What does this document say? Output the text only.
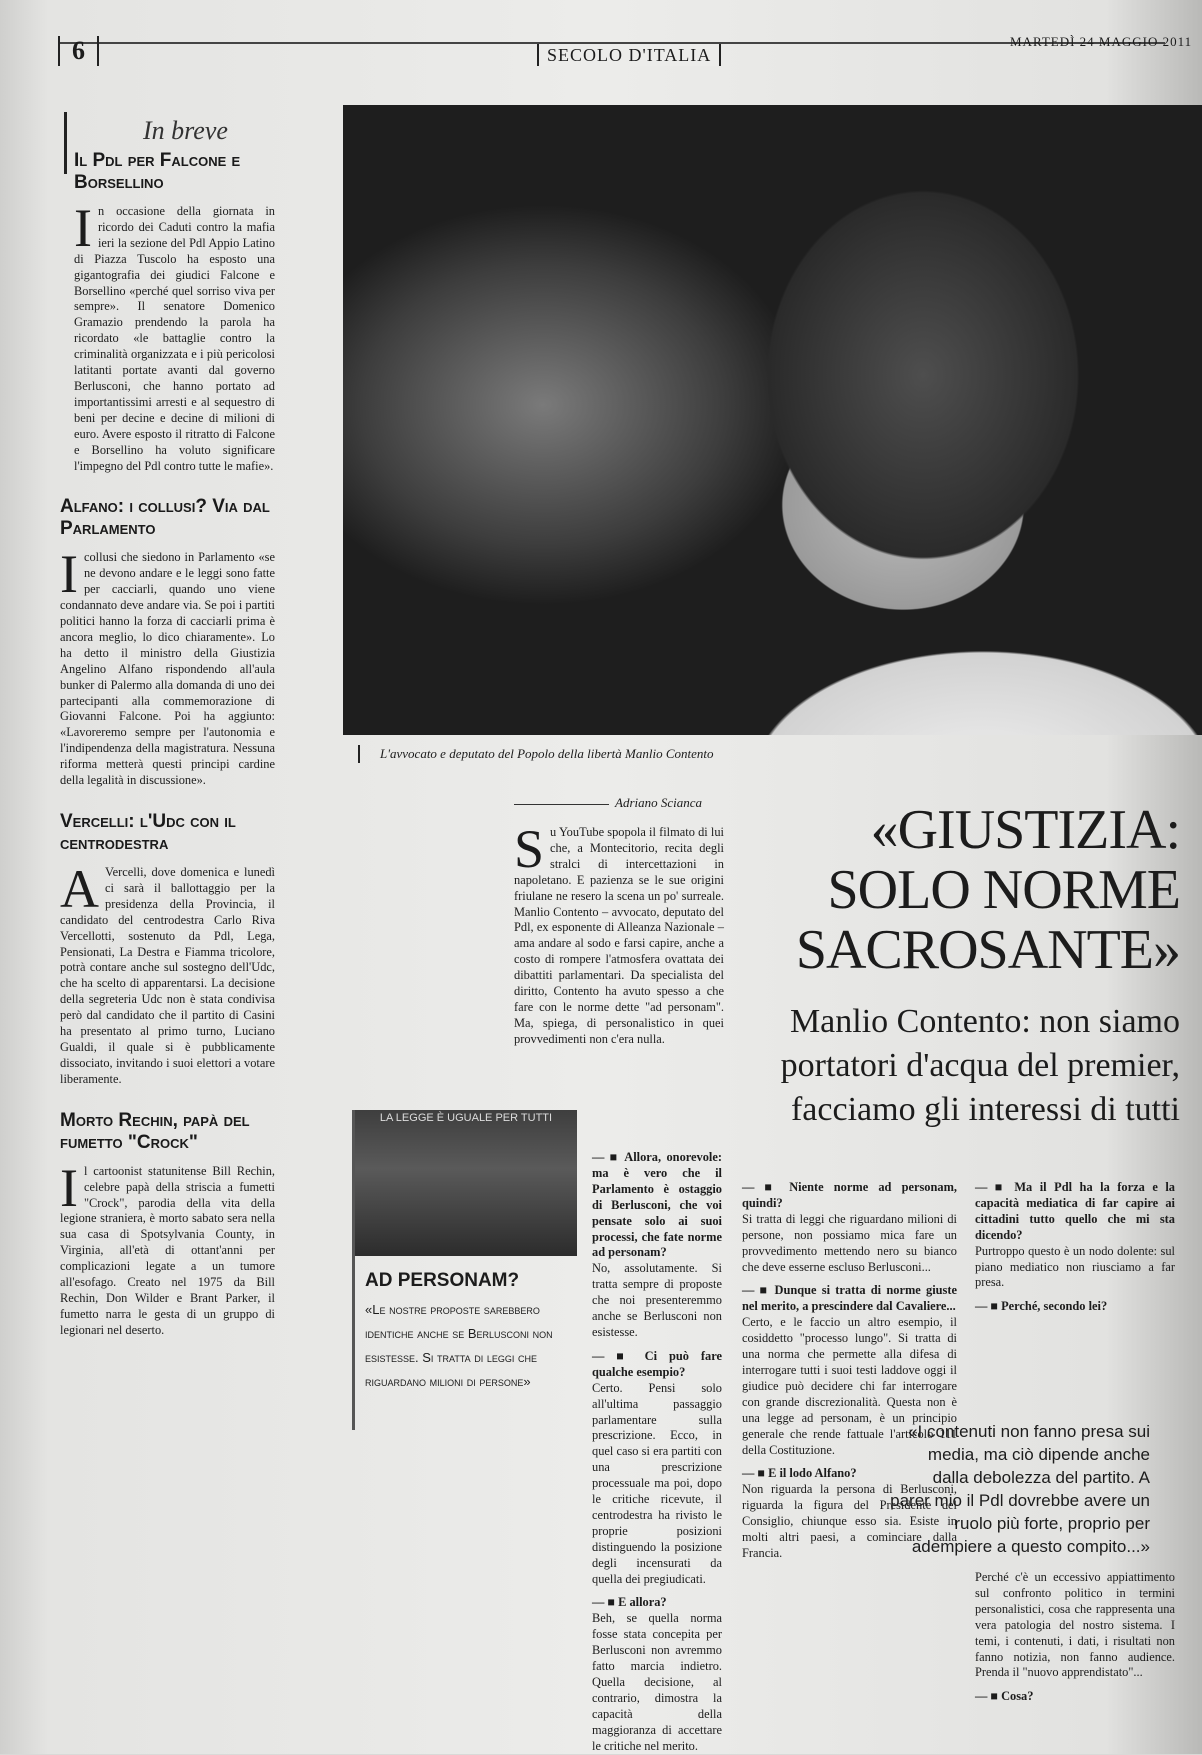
6	SECOLO D'ITALIA
MARTEDÌ 24 MAGGIO 2011
In breve
Il Pdl per Falcone e Borsellino

In occasione della giornata in ricordo dei Caduti contro la mafia ieri la sezione del Pdl Appio Latino di Piazza Tuscolo ha esposto una gigantografia dei giudici Falcone e Borsellino «perché quel sorriso viva per sempre». Il senatore Domenico Gramazio prendendo la parola ha ricordato «le battaglie contro la criminalità organizzata e i più pericolosi latitanti portate avanti dal governo Berlusconi, che hanno portato ad importantissimi arresti e al sequestro di beni per decine e decine di milioni di euro. Avere esposto il ritratto di Falcone e Borsellino ha voluto significare l'impegno del Pdl contro tutte le mafie».

Alfano: i collusi? Via dal Parlamento

I collusi che siedono in Parlamento «se ne devono andare e le leggi sono fatte per cacciarli, quando uno viene condannato deve andare via. Se poi i partiti politici hanno la forza di cacciarli prima è ancora meglio, lo dico chiaramente». Lo ha detto il ministro della Giustizia Angelino Alfano rispondendo all'aula bunker di Palermo alla domanda di uno dei partecipanti alla commemorazione di Giovanni Falcone. Poi ha aggiunto: «Lavoreremo sempre per l'autonomia e l'indipendenza della magistratura. Nessuna riforma metterà questi principi cardine della legalità in discussione».

Vercelli: l'Udc con il centrodestra

A Vercelli, dove domenica e lunedì ci sarà il ballottaggio per la presidenza della Provincia, il candidato del centrodestra Carlo Riva Vercellotti, sostenuto da Pdl, Lega, Pensionati, La Destra e Fiamma tricolore, potrà contare anche sul sostegno dell'Udc, che ha scelto di apparentarsi. La decisione della segreteria Udc non è stata condivisa però dal candidato che il partito di Casini ha presentato al primo turno, Luciano Gualdi, il quale si è pubblicamente dissociato, invitando i suoi elettori a votare liberamente.

Morto Rechin, papà del fumetto "Crock"

Il cartoonist statunitense Bill Rechin, celebre papà della striscia a fumetti "Crock", parodia della vita della legione straniera, è morto sabato sera nella sua casa di Spotsylvania County, in Virginia, all'età di ottant'anni per complicazioni legate a un tumore all'esofago. Creato nel 1975 da Bill Rechin, Don Wilder e Brant Parker, il fumetto narra le gesta di un gruppo di legionari nel deserto.

L'avvocato e deputato del Popolo della libertà Manlio Contento
Adriano Scianca

Su YouTube spopola il filmato di lui che, a Montecitorio, recita degli stralci di intercettazioni in napoletano. E pazienza se le sue origini friulane ne resero la scena un po' surreale. Manlio Contento – avvocato, deputato del Pdl, ex esponente di Alleanza Nazionale – ama andare al sodo e farsi capire, anche a costo di rompere l'atmosfera ovattata dei dibattiti parlamentari. Da specialista del diritto, Contento ha avuto spesso a che fare con le norme dette "ad personam". Ma, spiega, di personalistico in quei provvedimenti non c'era nulla.

«GIUSTIZIA: SOLO NORME SACROSANTE»
Manlio Contento: non siamo portatori d'acqua del premier, facciamo gli interessi di tutti
LA LEGGE È UGUALE PER TUTTI
AD PERSONAM?
«Le nostre proposte sarebbero identiche anche se Berlusconi non esistesse. Si tratta di leggi che riguardano milioni di persone»

— ■ Allora, onorevole: ma è vero che il Parlamento è ostaggio di Berlusconi, che voi pensate solo ai suoi processi, che fate norme ad personam?

No, assolutamente. Si tratta sempre di proposte che noi presenteremmo anche se Berlusconi non esistesse.

— ■ Ci può fare qualche esempio?

Certo. Pensi solo all'ultima passaggio parlamentare sulla prescrizione. Ecco, in quel caso si era partiti con una prescrizione processuale ma poi, dopo le critiche ricevute, il centrodestra ha rivisto le proprie posizioni distinguendo la posizione degli incensurati da quella dei pregiudicati.

— ■ E allora?

Beh, se quella norma fosse stata concepita per Berlusconi non avremmo fatto marcia indietro. Quella decisione, al contrario, dimostra la capacità della maggioranza di accettare le critiche nel merito.

— ■ Niente norme ad personam, quindi?

Si tratta di leggi che riguardano milioni di persone, non possiamo mica fare un provvedimento mettendo nero su bianco che deve esserne escluso Berlusconi...

— ■ Dunque si tratta di norme giuste nel merito, a prescindere dal Cavaliere...

Certo, e le faccio un altro esempio, il cosiddetto "processo lungo". Si tratta di una norma che permette alla difesa di interrogare tutti i suoi testi laddove oggi il giudice può decidere chi far interrogare con grande discrezionalità. Questa non è una legge ad personam, è un principio generale che rende fattuale l'articolo 111 della Costituzione.

— ■ E il lodo Alfano?

Non riguarda la persona di Berlusconi, riguarda la figura del Presidente del Consiglio, chiunque esso sia. Esiste in molti altri paesi, a cominciare dalla Francia.

— ■ Ma il Pdl ha la forza e la capacità mediatica di far capire ai cittadini tutto quello che mi sta dicendo?

Purtroppo questo è un nodo dolente: sul piano mediatico non riusciamo a far presa.

— ■ Perché, secondo lei?

«I contenuti non fanno presa sui media, ma ciò dipende anche dalla debolezza del partito. A parer mio il Pdl dovrebbe avere un ruolo più forte, proprio per adempiere a questo compito...»

Perché c'è un eccessivo appiattimento sul confronto politico in termini personalistici, cosa che rappresenta una vera patologia del nostro sistema. I temi, i contenuti, i dati, i risultati non fanno notizia, non fanno audience. Prenda il "nuovo apprendistato"...

— ■ Cosa?
